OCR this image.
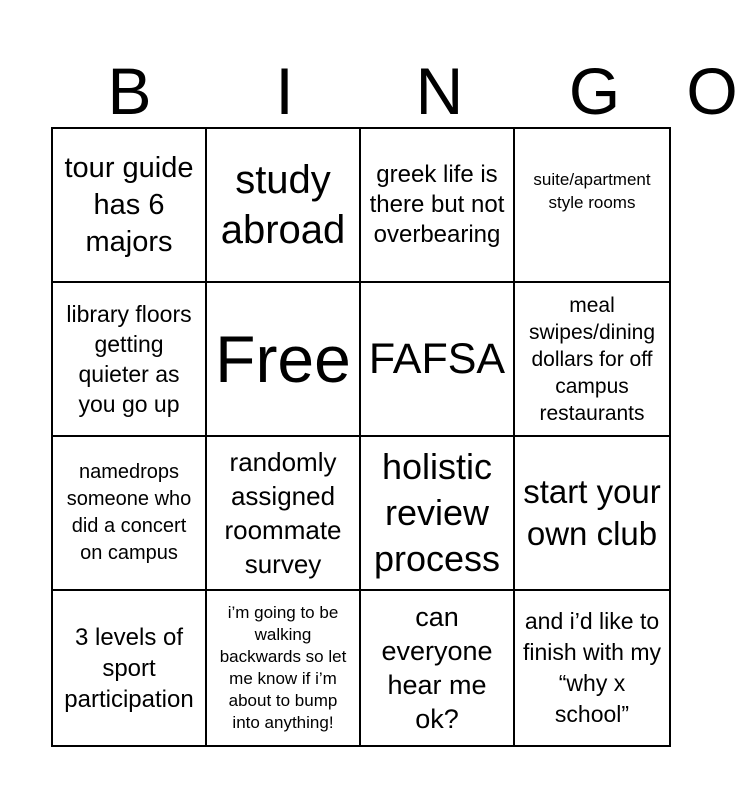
B	I	N	G	O
tour guide has 6 majors
study abroad
greek life is there but not overbearing
suite/apartment style rooms
library floors getting quieter as you go up
Free FAFSA
meal swipes/dining dollars for off campus restaurants
namedrops someone who did a concert on campus
randomly assigned roommate survey
holistic review process
start your own club
3 levels of sport participation
i’m going to be walking backwards so let me know if i’m about to bump into anything!
can everyone hear me ok?
and i’d like to finish with my “why x school”
